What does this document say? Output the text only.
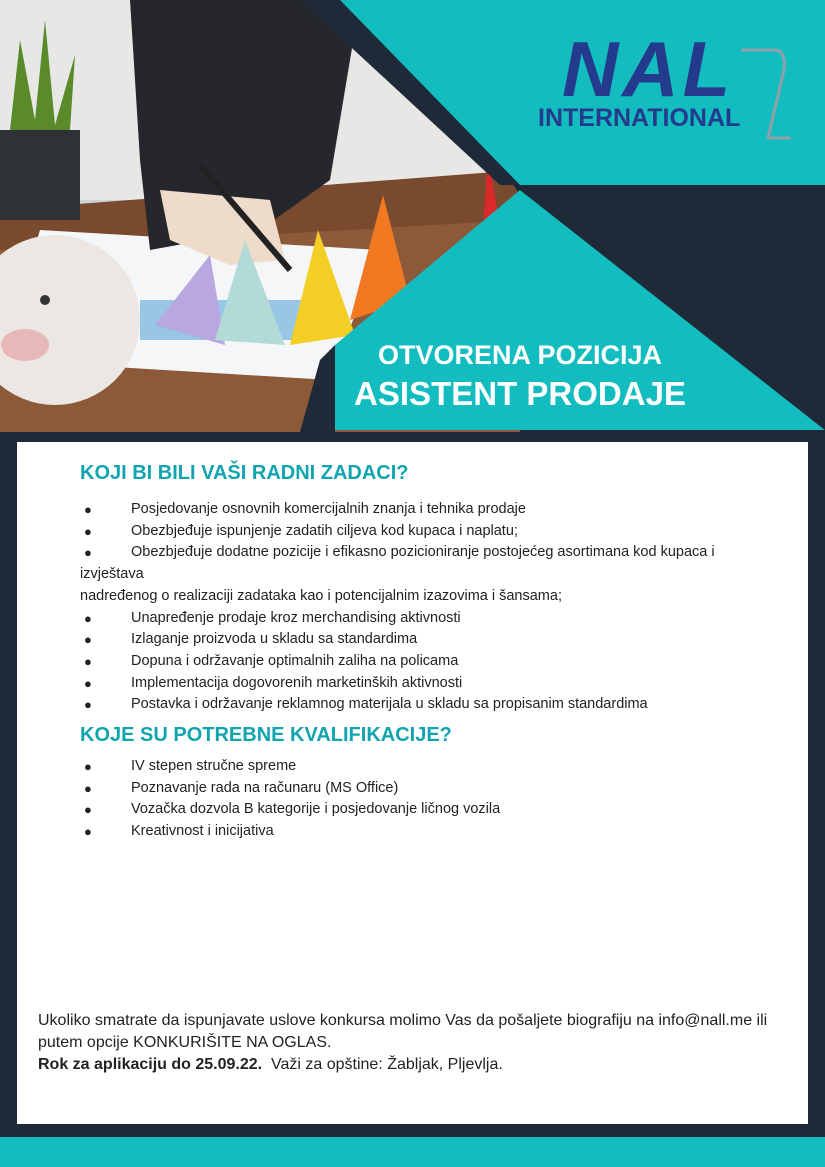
NAL
INTERNATIONAL
OTVORENA POZICIJA
ASISTENT PRODAJE
KOJI BI BILI VAŠI RADNI ZADACI?
●	Posjedovanje osnovnih komercijalnih znanja i tehnika prodaje
●	Obezbjeđuje ispunjenje zadatih ciljeva kod kupaca i naplatu;
●	Obezbjeđuje dodatne pozicije i efikasno pozicioniranje postojećeg asortimana kod kupaca i izvještava
nadređenog o realizaciji zadataka kao i potencijalnim izazovima i šansama;
●	Unapređenje prodaje kroz merchandising aktivnosti
●	Izlaganje proizvoda u skladu sa standardima
●	Dopuna i održavanje optimalnih zaliha na policama
●	Implementacija dogovorenih marketinških aktivnosti
●	Postavka i održavanje reklamnog materijala u skladu sa propisanim standardima
KOJE SU POTREBNE KVALIFIKACIJE?
●	IV stepen stručne spreme
●	Poznavanje rada na računaru (MS Office)
●	Vozačka dozvola B kategorije i posjedovanje ličnog vozila
●	Kreativnost i inicijativa
Ukoliko smatrate da ispunjavate uslove konkursa molimo Vas da pošaljete biografiju na info@nall.me ili
putem opcije KONKURIŠITE NA OGLAS.
Rok za aplikaciju do 25.09.22.  Važi za opštine: Žabljak, Pljevlja.
